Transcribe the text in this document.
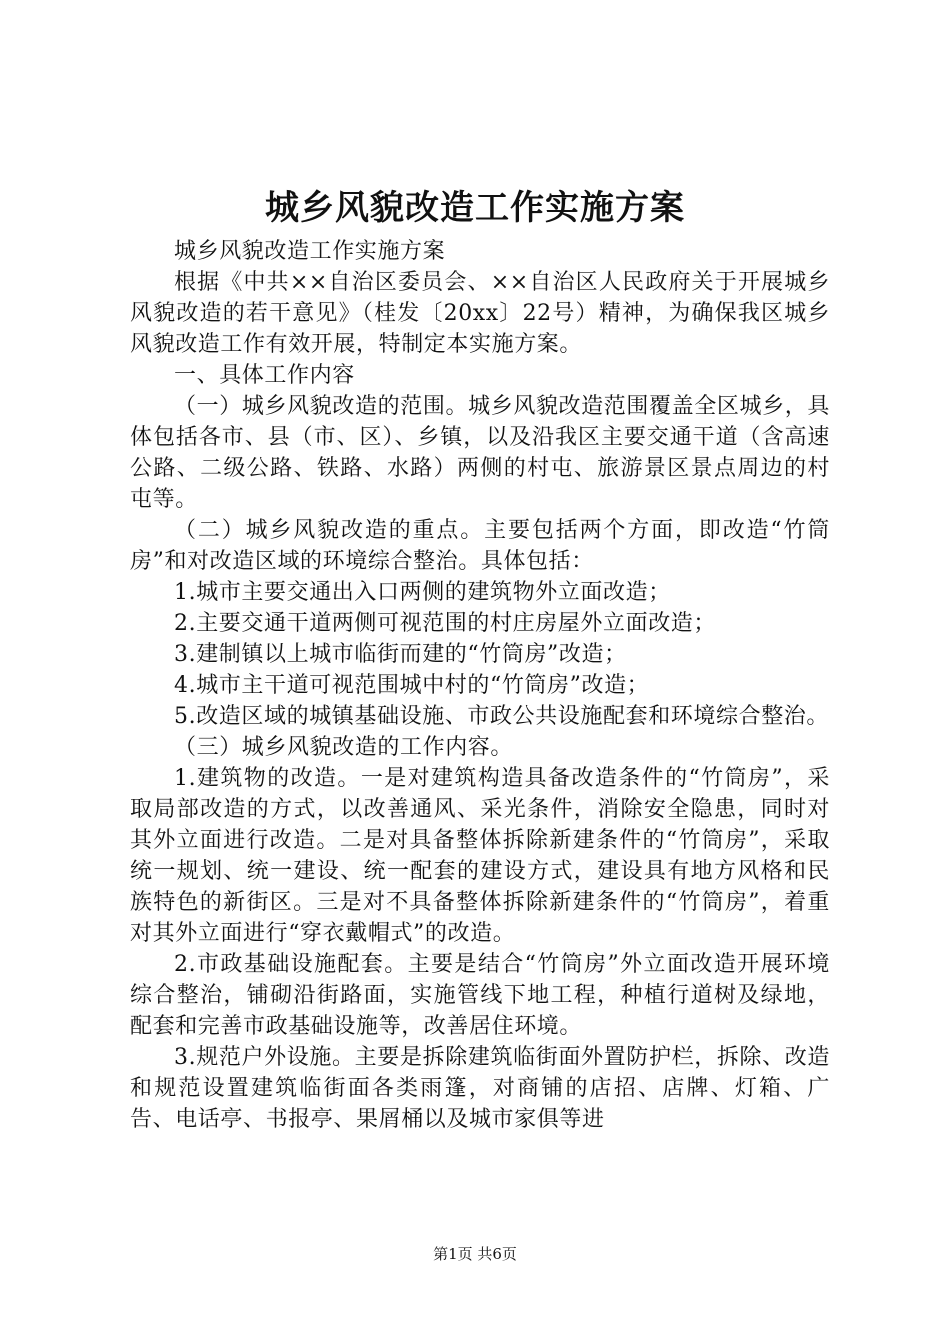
城乡风貌改造工作实施方案

城乡风貌改造工作实施方案

根据《中共××自治区委员会、××自治区人民政府关于开展城乡风貌改造的若干意见》（桂发〔20xx〕22号）精神，为确保我区城乡风貌改造工作有效开展，特制定本实施方案。

一、具体工作内容

（一）城乡风貌改造的范围。城乡风貌改造范围覆盖全区城乡，具体包括各市、县（市、区）、乡镇，以及沿我区主要交通干道（含高速公路、二级公路、铁路、水路）两侧的村屯、旅游景区景点周边的村屯等。

（二）城乡风貌改造的重点。主要包括两个方面，即改造“竹筒房”和对改造区域的环境综合整治。具体包括：

1.城市主要交通出入口两侧的建筑物外立面改造；

2.主要交通干道两侧可视范围的村庄房屋外立面改造；

3.建制镇以上城市临街而建的“竹筒房”改造；

4.城市主干道可视范围城中村的“竹筒房”改造；

5.改造区域的城镇基础设施、市政公共设施配套和环境综合整治。

（三）城乡风貌改造的工作内容。

1.建筑物的改造。一是对建筑构造具备改造条件的“竹筒房”，采取局部改造的方式，以改善通风、采光条件，消除安全隐患，同时对其外立面进行改造。二是对具备整体拆除新建条件的“竹筒房”，采取统一规划、统一建设、统一配套的建设方式，建设具有地方风格和民族特色的新街区。三是对不具备整体拆除新建条件的“竹筒房”，着重对其外立面进行“穿衣戴帽式”的改造。

2.市政基础设施配套。主要是结合“竹筒房”外立面改造开展环境综合整治，铺砌沿街路面，实施管线下地工程，种植行道树及绿地，配套和完善市政基础设施等，改善居住环境。

3.规范户外设施。主要是拆除建筑临街面外置防护栏，拆除、改造和规范设置建筑临街面各类雨篷，对商铺的店招、店牌、灯箱、广告、电话亭、书报亭、果屑桶以及城市家俱等进

第1页 共6页
